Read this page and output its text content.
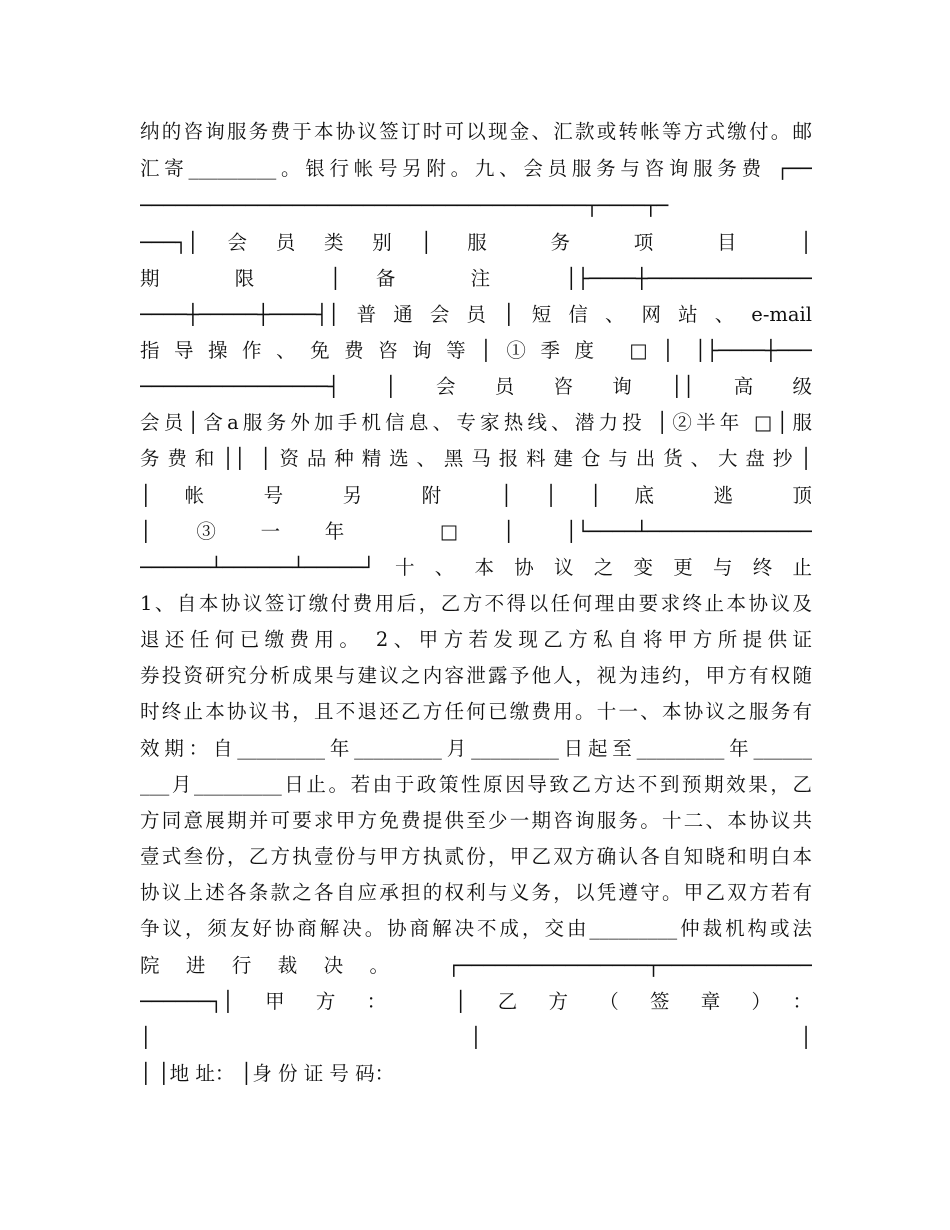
纳的咨询服务费于本协议签订时可以现金、汇款或转帐等方式缴付。邮
汇寄_________。银行帐号另附。九、会员服务与咨询服务费 ┌──
──────────────────────────────────────┬────┬─
───┐│会员类别│ 服 务 项 目 │
期 限 │备 注 │├────┼──────────────
────┼─────┼────┤│普通会员│短信、网站、e-mail
指导操作、免费咨询等│①季度 □│ │├────┼───
────────────────┤ │会员咨询││高级
会员│含a服务外加手机信息、专家热线、潜力投 │②半年 □│服
务费和││ │资品种精选、黑马报料建仓与出货、大盘抄│
│ 帐 号 另 附 │ │ │ 底 逃 顶
│③一年 □│ │└────┴──────────────
──────┴──────┴─────┘十、本协议之变更与终止
1、自本协议签订缴付费用后，乙方不得以任何理由要求终止本协议及
退还任何已缴费用。 2、甲方若发现乙方私自将甲方所提供证
券投资研究分析成果与建议之内容泄露予他人，视为违约，甲方有权随
时终止本协议书，且不退还乙方任何已缴费用。十一、本协议之服务有
效期：自_________年_________月_________日起至_________年______
___月_________日止。若由于政策性原因导致乙方达不到预期效果，乙
方同意展期并可要求甲方免费提供至少一期咨询服务。十二、本协议共
壹式叁份，乙方执壹份与甲方执贰份，甲乙双方确认各自知晓和明白本
协议上述各条款之各自应承担的权利与义务，以凭遵守。甲乙双方若有
争议，须友好协商解决。协商解决不成，交由_________仲裁机构或法
院进行裁决。 ┌────────────────┬─────────────
──────┐│甲方： │乙方（签章）：
│ │ │
│ │地 址： │身 份 证 号 码：
